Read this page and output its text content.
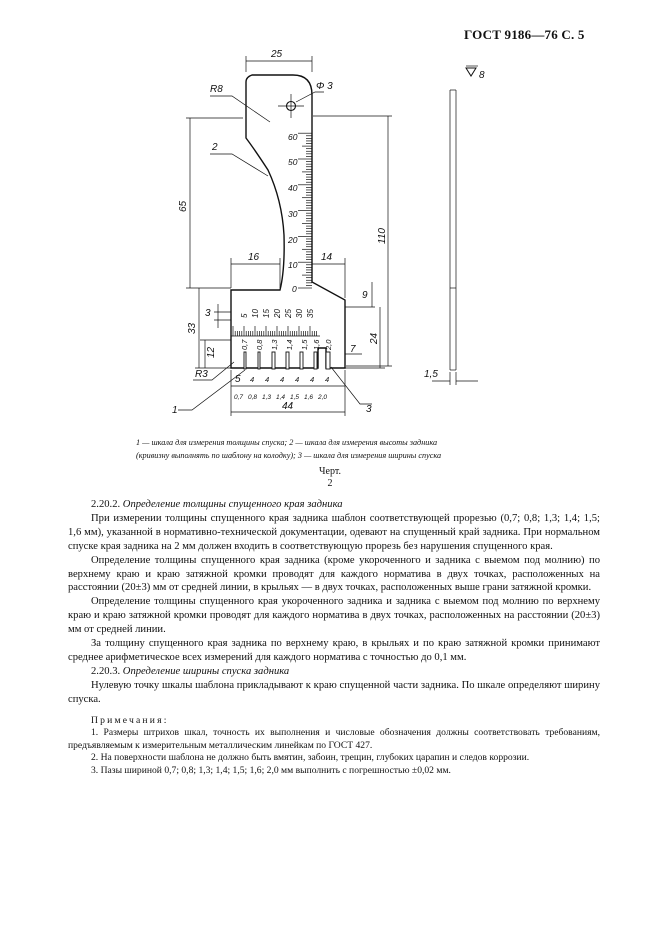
ГОСТ 9186—76 С. 5
60
50
40
30
20
10
0
5 10 15 20 25 30 35
0,7 0,8 1,3 1,4 1,5 1,6 2,0
4 4 4 4 4 4
0,7 0,8 1,3 1,4 1,5 1,6 2,0
25
R8	Φ 3
2
65
110
16	14
9
24
33
3
12	7
R3	5
44
1,5
1	3
8
1 — шкала для измерения толщины спуска; 2 — шкала для измерения высоты задника
(кривизну выполнять по шаблону на колодку); 3 — шкала для измерения ширины спуска
Черт.
2
2.20.2. Определение толщины спущенного края задника

При измерении толщины спущенного края задника шаблон соответствующей прорезью (0,7; 0,8; 1,3; 1,4; 1,5; 1,6 мм), указанной в нормативно-технической документации, одевают на спущенный край задника. При нормальном спуске края задника на 2 мм должен входить в соответствующую прорезь без нарушения спущенного края.

Определение толщины спущенного края задника (кроме укороченного и задника с выемом под молнию) по верхнему краю и краю затяжной кромки проводят для каждого норматива в двух точках, расположенных на расстоянии (20±3) мм от средней линии, в крыльях — в двух точках, расположенных выше грани затяжной кромки.

Определение толщины спущенного края укороченного задника и задника с выемом под молнию по верхнему краю и краю затяжной кромки проводят для каждого норматива в двух точках, расположенных на расстоянии (20±3) мм от средней линии.

За толщину спущенного края задника по верхнему краю, в крыльях и по краю затяжной кромки принимают среднее арифметическое всех измерений для каждого норматива с точностью до 0,1 мм.

2.20.3. Определение ширины спуска задника

Нулевую точку шкалы шаблона прикладывают к краю спущенной части задника. По шкале определяют ширину спуска.

Примечания:

1. Размеры штрихов шкал, точность их выполнения и числовые обозначения должны соответствовать требованиям, предъявляемым к измерительным металлическим линейкам по ГОСТ 427.

2. На поверхности шаблона не должно быть вмятин, забоин, трещин, глубоких царапин и следов коррозии.

3. Пазы шириной 0,7; 0,8; 1,3; 1,4; 1,5; 1,6; 2,0 мм выполнить с погрешностью ±0,02 мм.
